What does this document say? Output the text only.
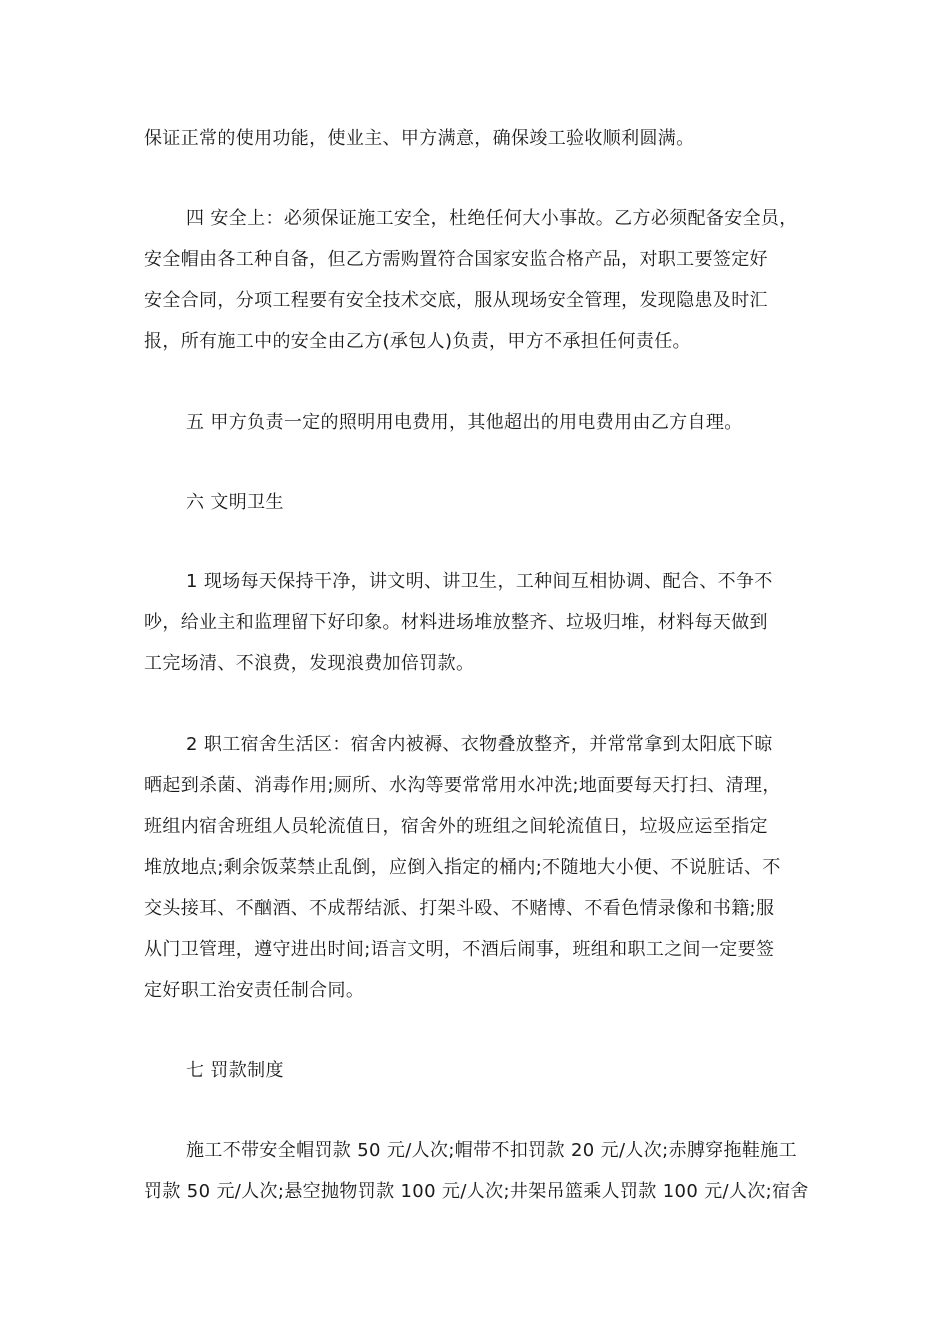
保证正常的使用功能，使业主、甲方满意，确保竣工验收顺利圆满。
四 安全上：必须保证施工安全，杜绝任何大小事故。乙方必须配备安全员，
安全帽由各工种自备，但乙方需购置符合国家安监合格产品，对职工要签定好
安全合同，分项工程要有安全技术交底，服从现场安全管理，发现隐患及时汇
报，所有施工中的安全由乙方(承包人)负责，甲方不承担任何责任。
五 甲方负责一定的照明用电费用，其他超出的用电费用由乙方自理。
六 文明卫生
1 现场每天保持干净，讲文明、讲卫生，工种间互相协调、配合、不争不
吵，给业主和监理留下好印象。材料进场堆放整齐、垃圾归堆，材料每天做到
工完场清、不浪费，发现浪费加倍罚款。
2 职工宿舍生活区：宿舍内被褥、衣物叠放整齐，并常常拿到太阳底下晾
晒起到杀菌、消毒作用;厕所、水沟等要常常用水冲洗;地面要每天打扫、清理，
班组内宿舍班组人员轮流值日，宿舍外的班组之间轮流值日，垃圾应运至指定
堆放地点;剩余饭菜禁止乱倒，应倒入指定的桶内;不随地大小便、不说脏话、不
交头接耳、不酗酒、不成帮结派、打架斗殴、不赌博、不看色情录像和书籍;服
从门卫管理，遵守进出时间;语言文明，不酒后闹事，班组和职工之间一定要签
定好职工治安责任制合同。
七 罚款制度
施工不带安全帽罚款 50 元/人次;帽带不扣罚款 20 元/人次;赤膊穿拖鞋施工
罚款 50 元/人次;悬空抛物罚款 100 元/人次;井架吊篮乘人罚款 100 元/人次;宿舍
